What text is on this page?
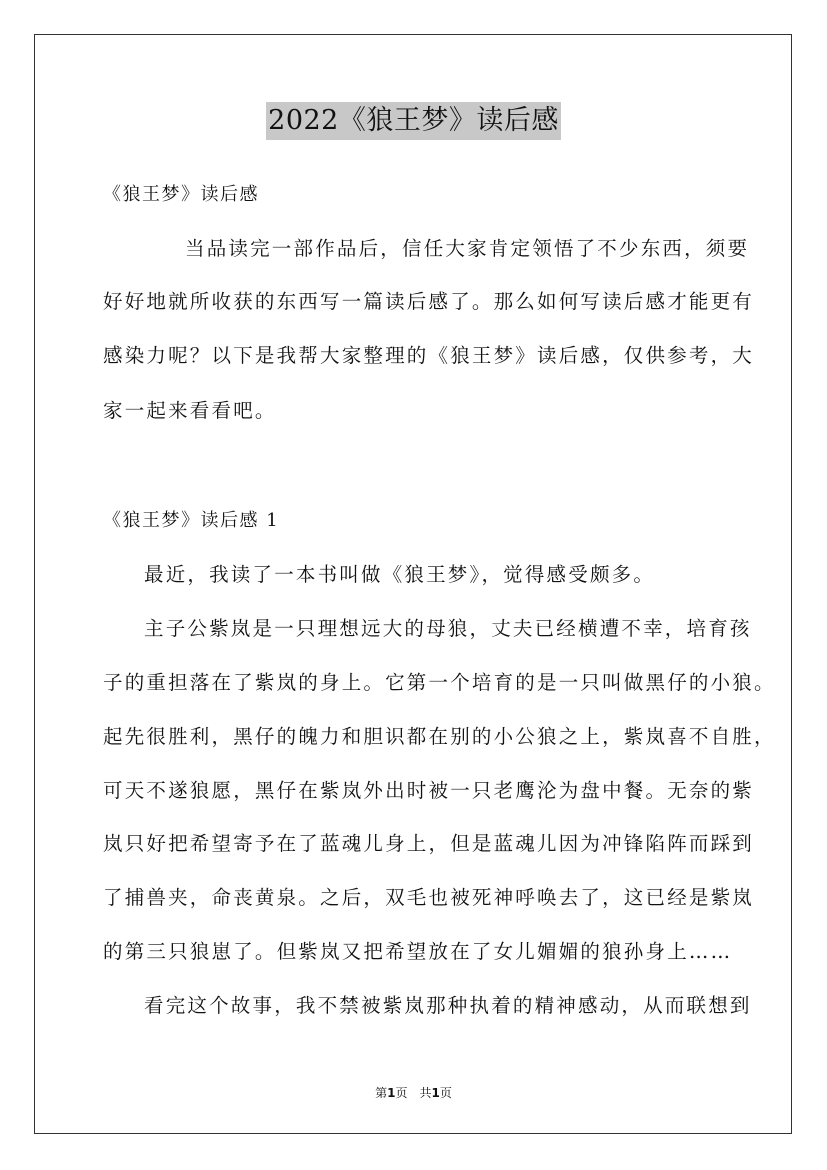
2022《狼王梦》读后感
《狼王梦》读后感
当品读完一部作品后，信任大家肯定领悟了不少东西，须要
好好地就所收获的东西写一篇读后感了。那么如何写读后感才能更有
感染力呢？以下是我帮大家整理的《狼王梦》读后感，仅供参考，大
家一起来看看吧。
《狼王梦》读后感 1
最近，我读了一本书叫做《狼王梦》，觉得感受颇多。
主子公紫岚是一只理想远大的母狼，丈夫已经横遭不幸，培育孩
子的重担落在了紫岚的身上。它第一个培育的是一只叫做黑仔的小狼。
起先很胜利，黑仔的魄力和胆识都在别的小公狼之上，紫岚喜不自胜，
可天不遂狼愿，黑仔在紫岚外出时被一只老鹰沦为盘中餐。无奈的紫
岚只好把希望寄予在了蓝魂儿身上，但是蓝魂儿因为冲锋陷阵而踩到
了捕兽夹，命丧黄泉。之后，双毛也被死神呼唤去了，这已经是紫岚
的第三只狼崽了。但紫岚又把希望放在了女儿媚媚的狼孙身上……
看完这个故事，我不禁被紫岚那种执着的精神感动，从而联想到
第1页　共1页
